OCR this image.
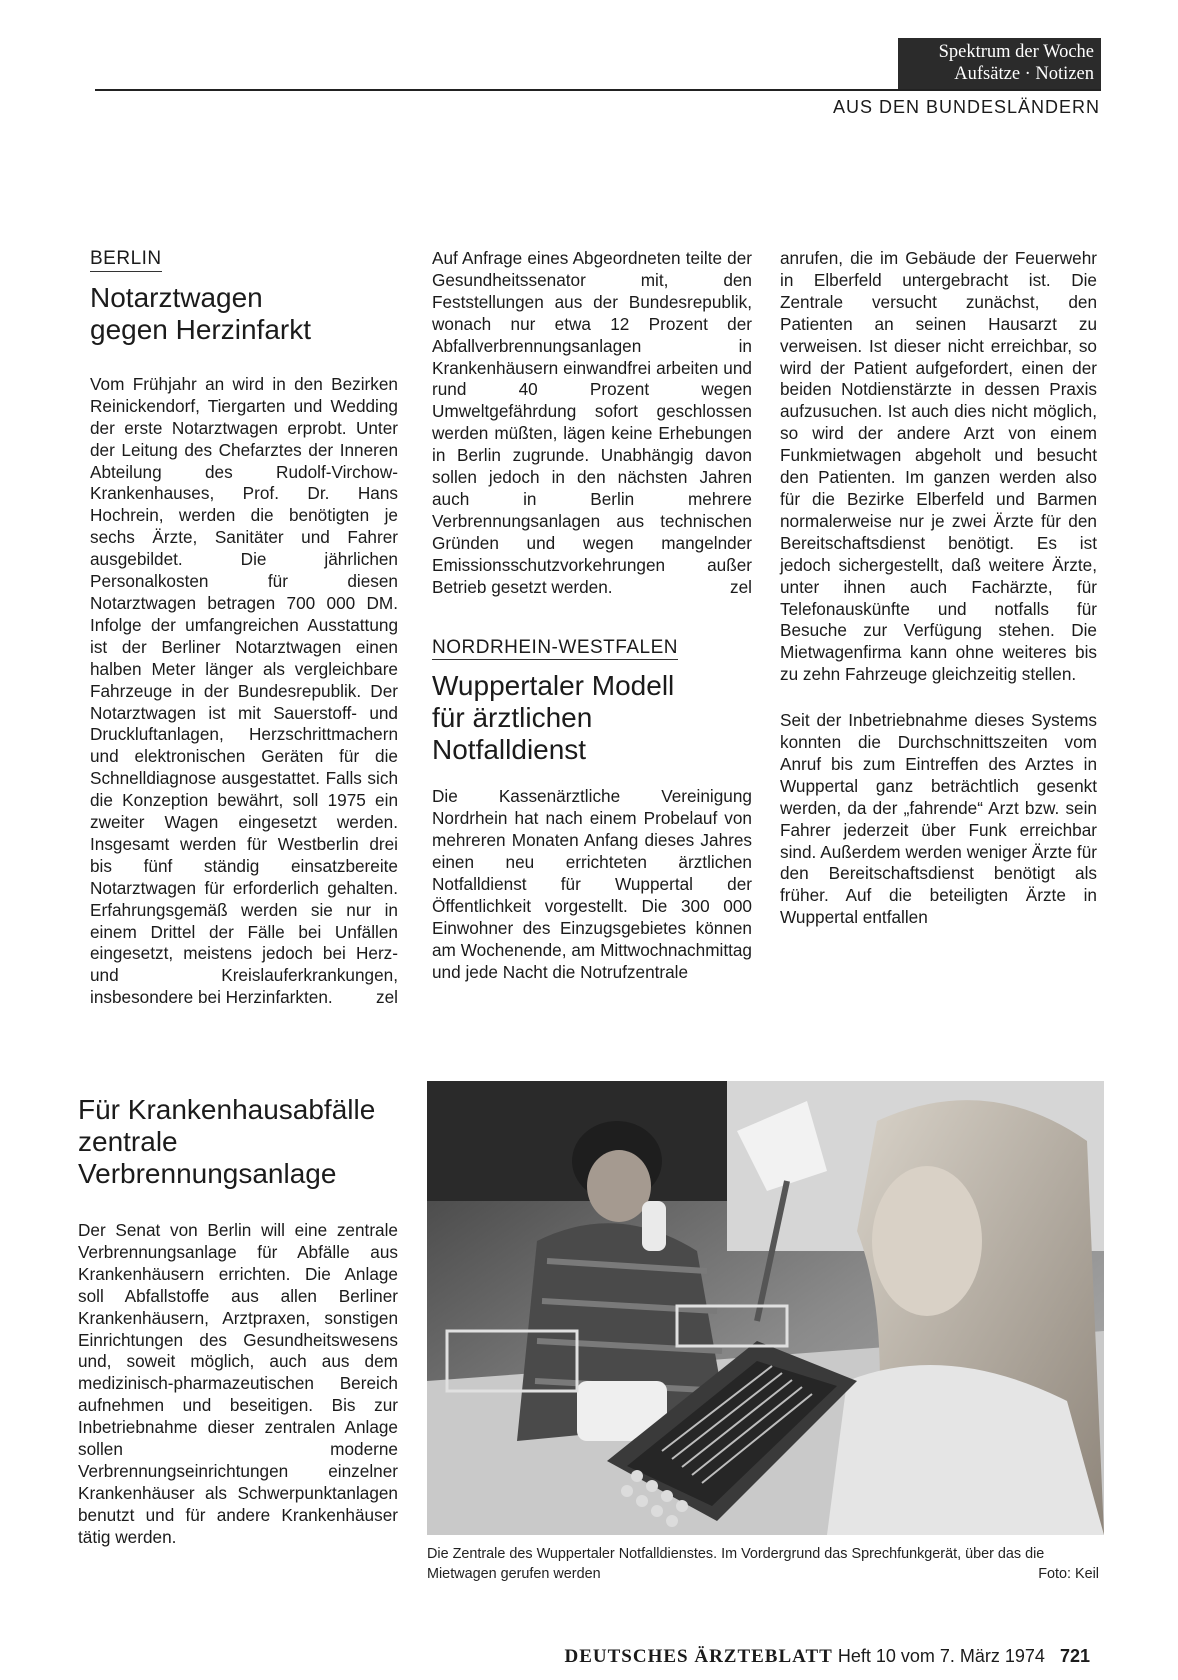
Spektrum der Woche
Aufsätze · Notizen
AUS DEN BUNDESLÄNDERN
BERLIN
Notarztwagen
gegen Herzinfarkt

Vom Frühjahr an wird in den Bezirken Reinickendorf, Tiergarten und Wedding der erste Notarztwagen erprobt. Unter der Leitung des Chefarztes der Inneren Abteilung des Rudolf-Virchow-Krankenhauses, Prof. Dr. Hans Hochrein, werden die benötigten je sechs Ärzte, Sanitäter und Fahrer ausgebildet. Die jährlichen Personalkosten für diesen Notarztwagen betragen 700 000 DM. Infolge der umfangreichen Ausstattung ist der Berliner Notarztwagen einen halben Meter länger als vergleichbare Fahrzeuge in der Bundesrepublik. Der Notarztwagen ist mit Sauerstoff- und Druckluftanlagen, Herzschrittmachern und elektronischen Geräten für die Schnelldiagnose ausgestattet. Falls sich die Konzeption bewährt, soll 1975 ein zweiter Wagen eingesetzt werden. Insgesamt werden für Westberlin drei bis fünf ständig einsatzbereite Notarztwagen für erforderlich gehalten. Erfahrungsgemäß werden sie nur in einem Drittel der Fälle bei Unfällen eingesetzt, meistens jedoch bei Herz- und Kreislauferkrankungen, insbesondere bei Herzinfarkten.	zel

Für Krankenhausabfälle
zentrale
Verbrennungsanlage

Der Senat von Berlin will eine zentrale Verbrennungsanlage für Abfälle aus Krankenhäusern errichten. Die Anlage soll Abfallstoffe aus allen Berliner Krankenhäusern, Arztpraxen, sonstigen Einrichtungen des Gesundheitswesens und, soweit möglich, auch aus dem medizinisch-pharmazeutischen Bereich aufnehmen und beseitigen. Bis zur Inbetriebnahme dieser zentralen Anlage sollen moderne Verbrennungseinrichtungen einzelner Krankenhäuser als Schwerpunktanlagen benutzt und für andere Krankenhäuser tätig werden.

Auf Anfrage eines Abgeordneten teilte der Gesundheitssenator mit, den Feststellungen aus der Bundesrepublik, wonach nur etwa 12 Prozent der Abfallverbrennungsanlagen in Krankenhäusern einwandfrei arbeiten und rund 40 Prozent wegen Umweltgefährdung sofort geschlossen werden müßten, lägen keine Erhebungen in Berlin zugrunde. Unabhängig davon sollen jedoch in den nächsten Jahren auch in Berlin mehrere Verbrennungsanlagen aus technischen Gründen und wegen mangelnder Emissionsschutzvorkehrungen außer Betrieb gesetzt werden.	zel

NORDRHEIN-WESTFALEN
Wuppertaler Modell
für ärztlichen
Notfalldienst

Die Kassenärztliche Vereinigung Nordrhein hat nach einem Probelauf von mehreren Monaten Anfang dieses Jahres einen neu errichteten ärztlichen Notfalldienst für Wuppertal der Öffentlichkeit vorgestellt. Die 300 000 Einwohner des Einzugsgebietes können am Wochenende, am Mittwochnachmittag und jede Nacht die Notrufzentrale

anrufen, die im Gebäude der Feuerwehr in Elberfeld untergebracht ist. Die Zentrale versucht zunächst, den Patienten an seinen Hausarzt zu verweisen. Ist dieser nicht erreichbar, so wird der Patient aufgefordert, einen der beiden Notdienstärzte in dessen Praxis aufzusuchen. Ist auch dies nicht möglich, so wird der andere Arzt von einem Funkmietwagen abgeholt und besucht den Patienten. Im ganzen werden also für die Bezirke Elberfeld und Barmen normalerweise nur je zwei Ärzte für den Bereitschaftsdienst benötigt. Es ist jedoch sichergestellt, daß weitere Ärzte, unter ihnen auch Fachärzte, für Telefonauskünfte und notfalls für Besuche zur Verfügung stehen. Die Mietwagenfirma kann ohne weiteres bis zu zehn Fahrzeuge gleichzeitig stellen.

Seit der Inbetriebnahme dieses Systems konnten die Durchschnittszeiten vom Anruf bis zum Eintreffen des Arztes in Wuppertal ganz beträchtlich gesenkt werden, da der „fahrende“ Arzt bzw. sein Fahrer jederzeit über Funk erreichbar sind. Außerdem werden weniger Ärzte für den Bereitschaftsdienst benötigt als früher. Auf die beteiligten Ärzte in Wuppertal entfallen

Die Zentrale des Wuppertaler Notfalldienstes. Im Vordergrund das Sprechfunkgerät, über das die Mietwagen gerufen werden	Foto: Keil
DEUTSCHES ÄRZTEBLATT Heft 10 vom 7. März 1974 721
